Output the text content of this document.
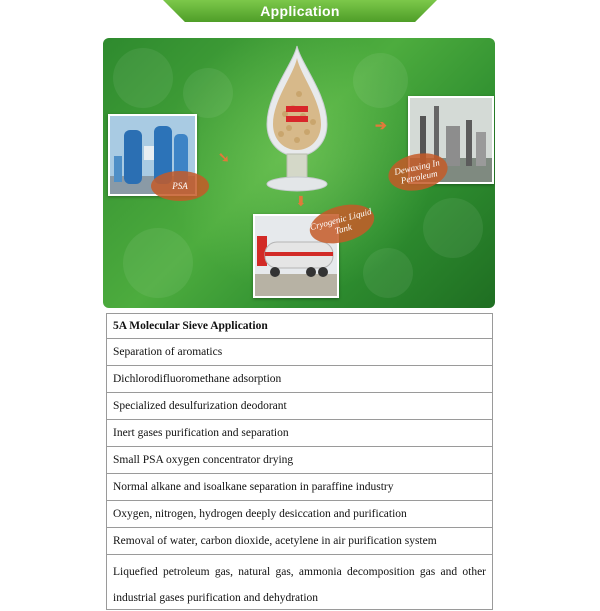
Application
➘
➔
⬇
PSA
Dewaxing In Petroleum
Cryogenic Liquid Tank
5A Molecular Sieve Application
Separation of aromatics
Dichlorodifluoromethane adsorption
Specialized desulfurization deodorant
Inert gases purification and separation
Small PSA oxygen concentrator drying
Normal alkane and isoalkane separation in paraffine industry
Oxygen, nitrogen, hydrogen deeply desiccation and purification
Removal of water, carbon dioxide, acetylene in air purification system
Liquefied petroleum gas, natural gas, ammonia decomposition gas and other industrial gases purification and dehydration
